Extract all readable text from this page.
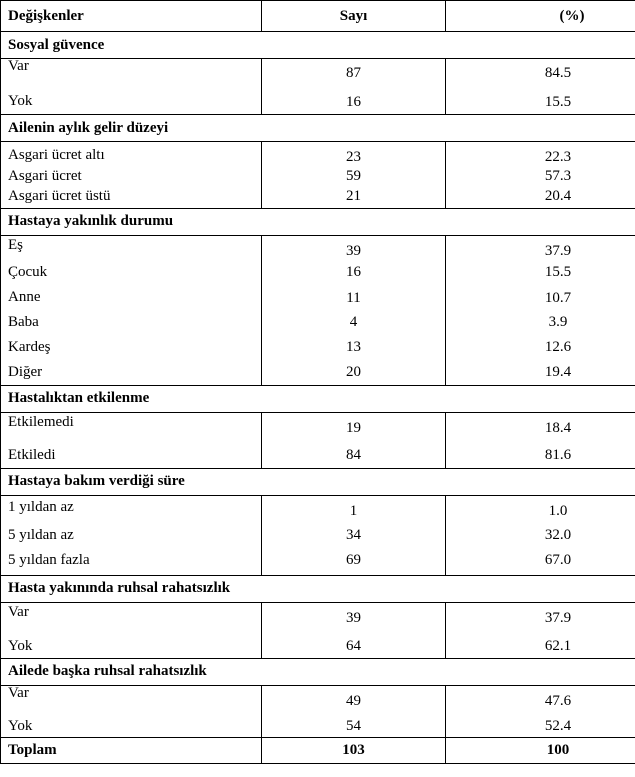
Değişkenler	Sayı	(%)
Sosyal güvence		

Var	87	84.5

Yok	16	15.5

Ailenin aylık gelir düzeyi		

Asgari ücret altı	23	22.3

Asgari ücret	59	57.3

Asgari ücret üstü	21	20.4

Hastaya yakınlık durumu		

Eş	39	37.9

Çocuk	16	15.5

Anne	11	10.7

Baba	4	3.9

Kardeş	13	12.6

Diğer	20	19.4

Hastalıktan etkilenme		

Etkilemedi	19	18.4

Etkiledi	84	81.6

Hastaya bakım verdiği süre		

1 yıldan az	1	1.0

5 yıldan az	34	32.0

5 yıldan fazla	69	67.0

Hasta yakınında ruhsal rahatsızlık		

Var	39	37.9

Yok	64	62.1

Ailede başka ruhsal rahatsızlık		

Var	49	47.6

Yok	54	52.4

Toplam	103	100
